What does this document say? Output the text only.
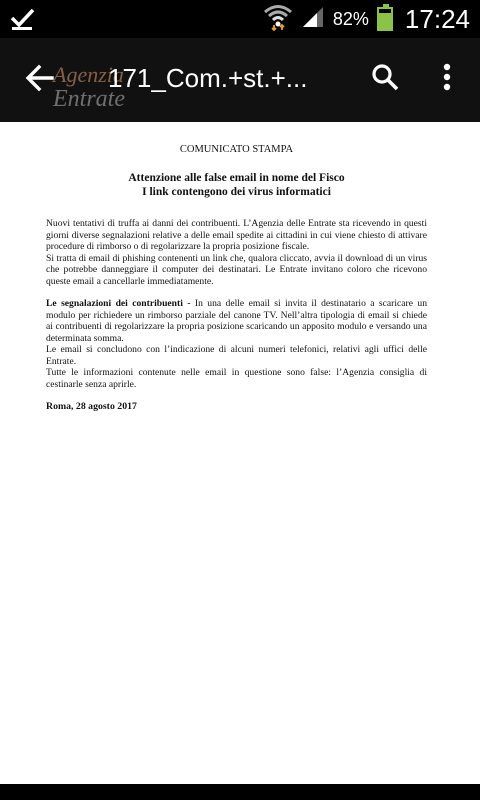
82% 17:24
Agenzia
Entrate
171_Com.+st.+...

COMUNICATO STAMPA

Attenzione alle false email in nome del Fisco
I link contengono dei virus informatici

Nuovi tentativi di truffa ai danni dei contribuenti. L’Agenzia delle Entrate sta ricevendo in questi giorni diverse segnalazioni relative a delle email spedite ai cittadini in cui viene chiesto di attivare procedure di rimborso o di regolarizzare la propria posizione fiscale.

Si tratta di email di phishing contenenti un link che, qualora cliccato, avvia il download di un virus che potrebbe danneggiare il computer dei destinatari. Le Entrate invitano coloro che ricevono queste email a cancellarle immediatamente.

Le segnalazioni dei contribuenti - In una delle email si invita il destinatario a scaricare un modulo per richiedere un rimborso parziale del canone TV. Nell’altra tipologia di email si chiede ai contribuenti di regolarizzare la propria posizione scaricando un apposito modulo e versando una determinata somma.

Le email si concludono con l’indicazione di alcuni numeri telefonici, relativi agli uffici delle Entrate.

Tutte le informazioni contenute nelle email in questione sono false: l’Agenzia consiglia di cestinarle senza aprirle.

Roma, 28 agosto 2017
